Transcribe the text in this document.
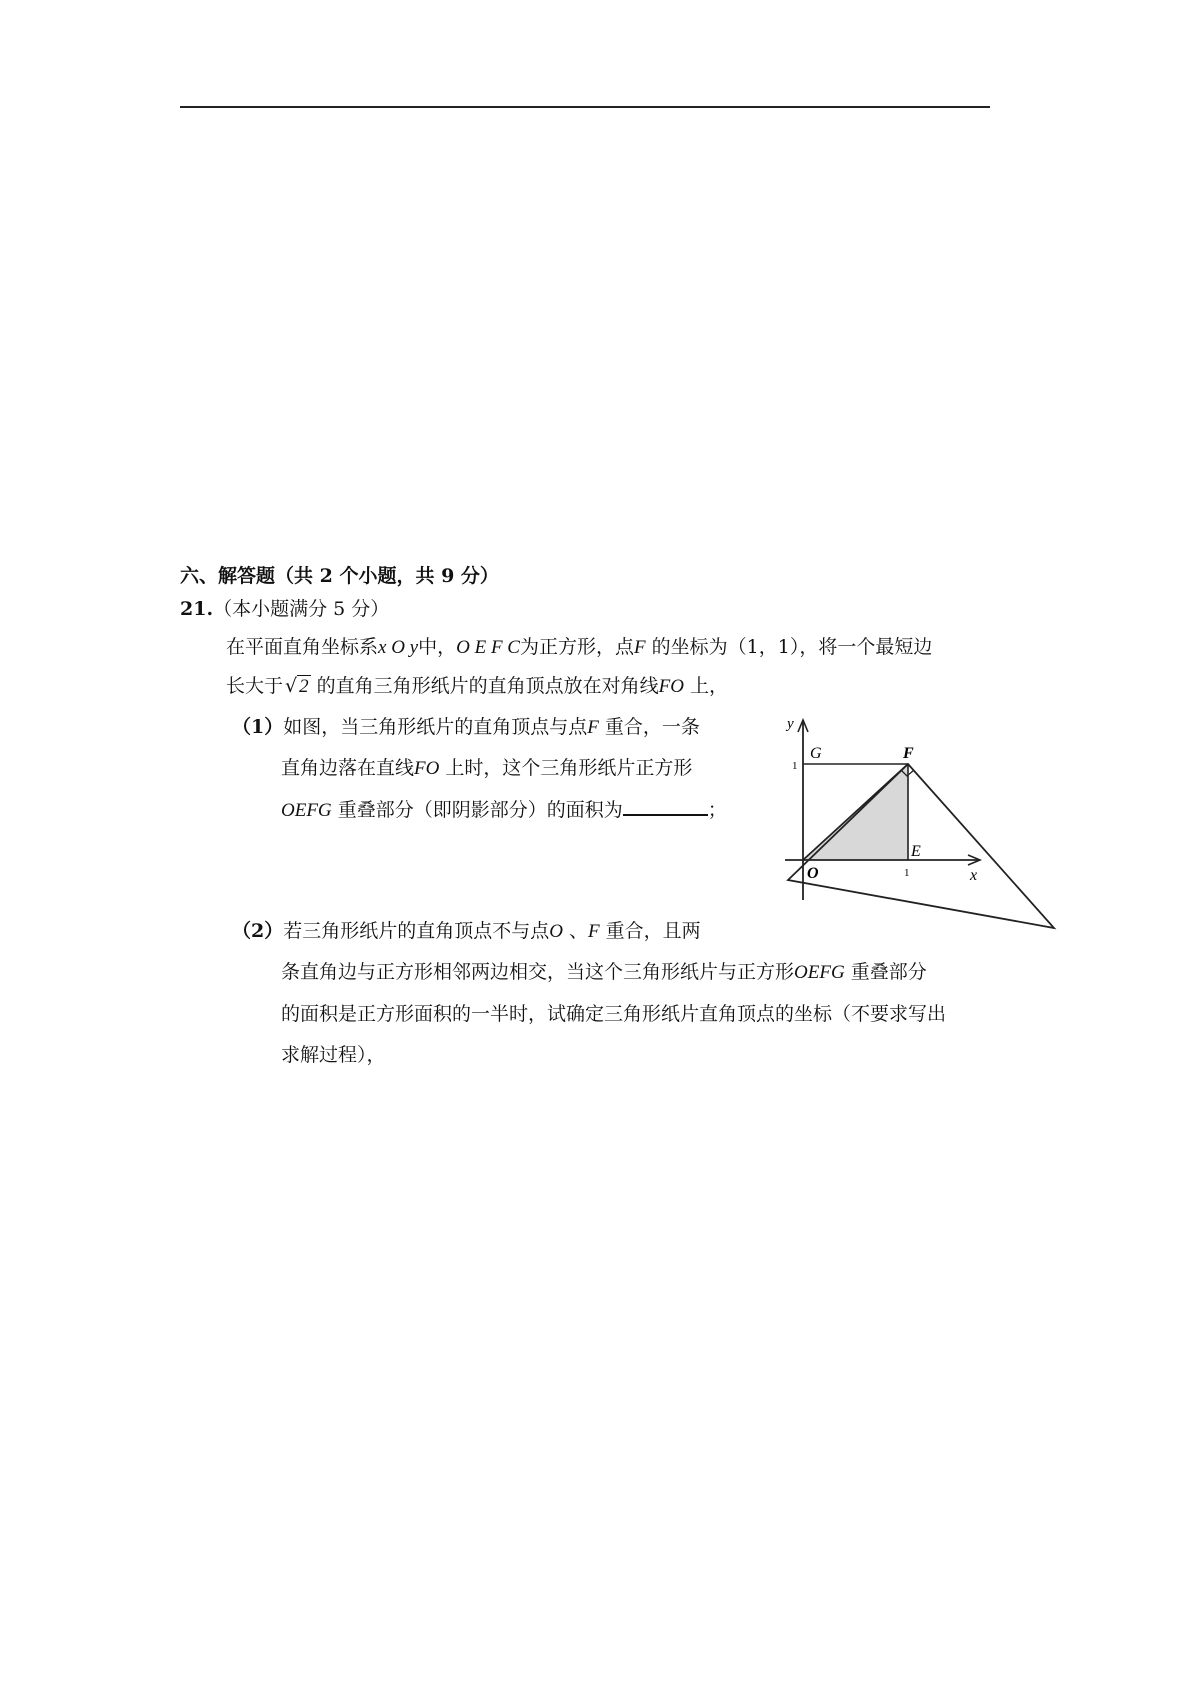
六、解答题（共 2 个小题，共 9 分）
21.（本小题满分 5 分）
在平面直角坐标系x O y中，O E F C为正方形，点F 的坐标为（1，1），将一个最短边
长大于 √ 2 的直角三角形纸片的直角顶点放在对角线FO 上，
（1）如图，当三角形纸片的直角顶点与点F 重合，一条
直角边落在直线FO 上时，这个三角形纸片正方形
OEFG 重叠部分（即阴影部分）的面积为	；
y
x
G	F
E
O	1
1
（2）若三角形纸片的直角顶点不与点O 、F 重合，且两
条直角边与正方形相邻两边相交，当这个三角形纸片与正方形OEFG 重叠部分
的面积是正方形面积的一半时，试确定三角形纸片直角顶点的坐标（不要求写出
求解过程），
